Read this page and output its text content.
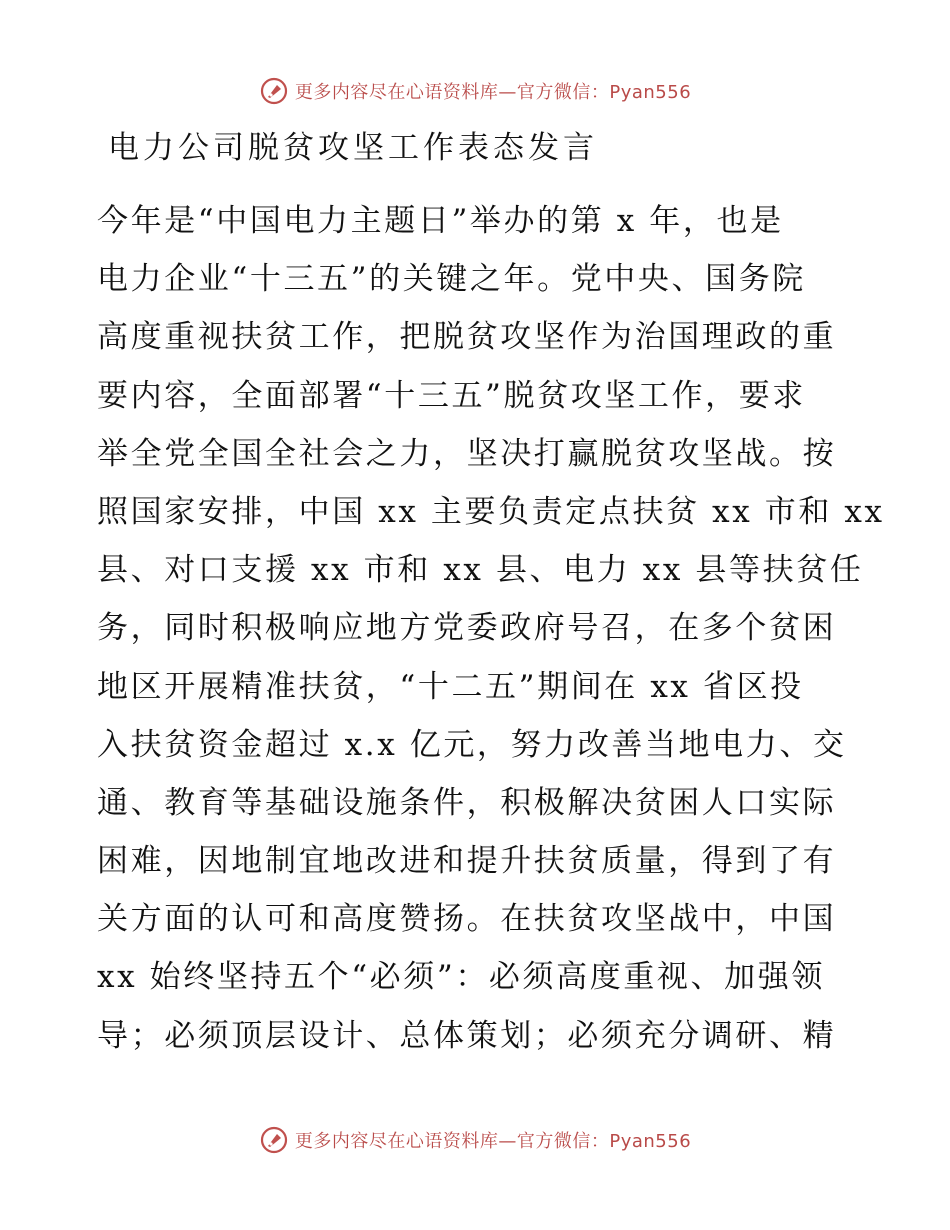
更多内容尽在心语资料库—官方微信：Pyan556
电力公司脱贫攻坚工作表态发言
今年是“中国电力主题日”举办的第 x 年，也是
电力企业“十三五”的关键之年。党中央、国务院
高度重视扶贫工作，把脱贫攻坚作为治国理政的重
要内容，全面部署“十三五”脱贫攻坚工作，要求
举全党全国全社会之力，坚决打赢脱贫攻坚战。按
照国家安排，中国 xx 主要负责定点扶贫 xx 市和 xx
县、对口支援 xx 市和 xx 县、电力 xx 县等扶贫任
务，同时积极响应地方党委政府号召，在多个贫困
地区开展精准扶贫，“十二五”期间在 xx 省区投
入扶贫资金超过 x.x 亿元，努力改善当地电力、交
通、教育等基础设施条件，积极解决贫困人口实际
困难，因地制宜地改进和提升扶贫质量，得到了有
关方面的认可和高度赞扬。在扶贫攻坚战中，中国
xx 始终坚持五个“必须”：必须高度重视、加强领
导；必须顶层设计、总体策划；必须充分调研、精
更多内容尽在心语资料库—官方微信：Pyan556
